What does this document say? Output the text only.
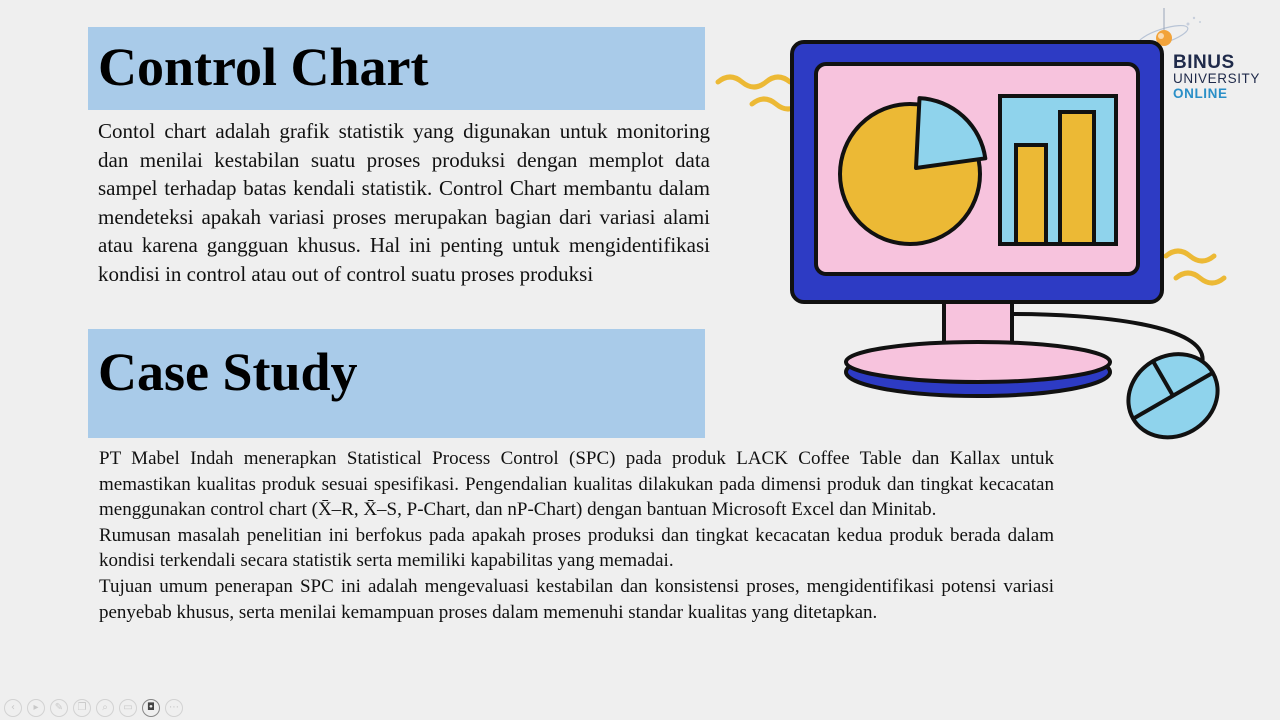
Control Chart

Contol chart adalah grafik statistik yang digunakan untuk monitoring dan menilai kestabilan suatu proses produksi dengan memplot data sampel terhadap batas kendali statistik. Control Chart membantu dalam mendeteksi apakah variasi proses merupakan bagian dari variasi alami atau karena gangguan khusus. Hal ini penting untuk mengidentifikasi kondisi in control atau out of control suatu proses produksi

Case Study

PT Mabel Indah menerapkan Statistical Process Control (SPC) pada produk LACK Coffee Table dan Kallax untuk memastikan kualitas produk sesuai spesifikasi. Pengendalian kualitas dilakukan pada dimensi produk dan tingkat kecacatan menggunakan control chart (X̄–R, X̄–S, P-Chart, dan nP-Chart) dengan bantuan Microsoft Excel dan Minitab.

Rumusan masalah penelitian ini berfokus pada apakah proses produksi dan tingkat kecacatan kedua produk berada dalam kondisi terkendali secara statistik serta memiliki kapabilitas yang memadai.

Tujuan umum penerapan SPC ini adalah mengevaluasi kestabilan dan konsistensi proses, mengidentifikasi potensi variasi penyebab khusus, serta menilai kemampuan proses dalam memenuhi standar kualitas yang ditetapkan.

BINUS
UNIVERSITY
ONLINE
‹	▸	✎	❐	⌕	▭	◘	⋯
